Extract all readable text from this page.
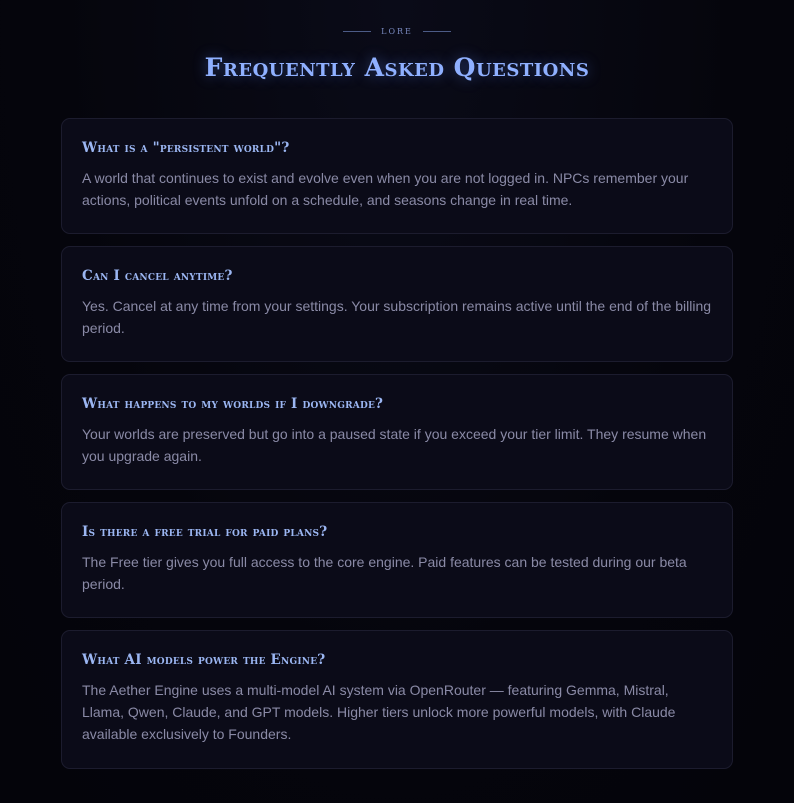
LORE
Frequently Asked Questions

What is a "persistent world"?

A world that continues to exist and evolve even when you are not logged in. NPCs remember your actions, political events unfold on a schedule, and seasons change in real time.

Can I cancel anytime?

Yes. Cancel at any time from your settings. Your subscription remains active until the end of the billing period.

What happens to my worlds if I downgrade?

Your worlds are preserved but go into a paused state if you exceed your tier limit. They resume when you upgrade again.

Is there a free trial for paid plans?

The Free tier gives you full access to the core engine. Paid features can be tested during our beta period.

What AI models power the Engine?

The Aether Engine uses a multi-model AI system via OpenRouter — featuring Gemma, Mistral, Llama, Qwen, Claude, and GPT models. Higher tiers unlock more powerful models, with Claude available exclusively to Founders.
